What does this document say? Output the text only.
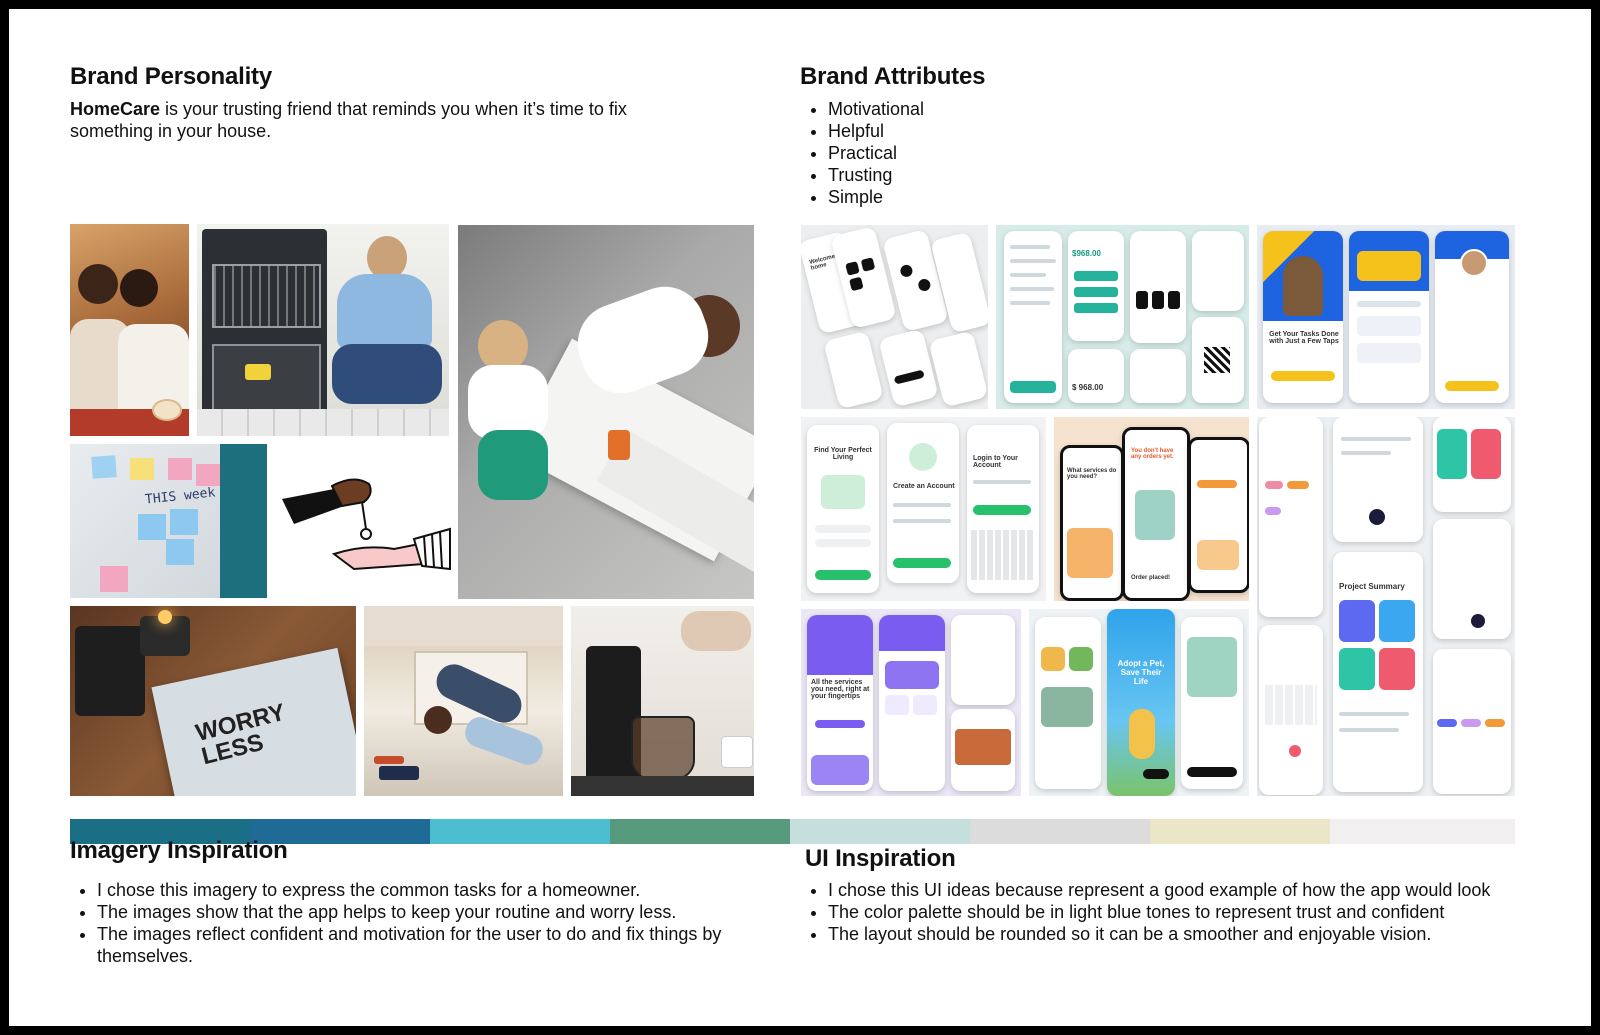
Brand Personality

HomeCare is your trusting friend that reminds you when it’s time to fix something in your house.

Brand Attributes
• Motivational
• Helpful
• Practical
• Trusting
• Simple
THIS week
WORRY
LESS
Welcome home
$968.00
$ 968.00
Get Your Tasks Done with Just a Few Taps
Find Your Perfect Living
Create an Account
Login to Your Account
What services do you need?
You don't have any orders yet.
Order placed!
All the services you need, right at your fingertips
Adopt a Pet, Save Their Life
Project Summary
Imagery Inspiration
• I chose this imagery to express the common tasks for a homeowner.
• The images show that the app helps to keep your routine and worry less.
• The images reflect confident and motivation for the user to do and fix things by themselves.
UI Inspiration
• I chose this UI ideas because represent a good example of how the app would look
• The color palette should be in light blue tones to represent trust and confident
• The layout should be rounded so it can be a smoother and enjoyable vision.
